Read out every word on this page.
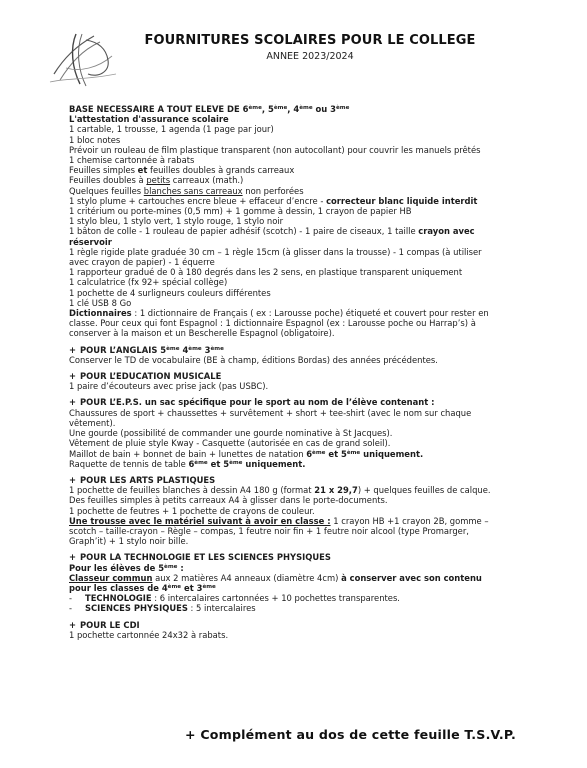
FOURNITURES SCOLAIRES POUR LE COLLEGE
ANNEE 2023/2024
BASE NECESSAIRE A TOUT ELEVE DE 6ème, 5ème, 4ème ou 3ème
L'attestation d'assurance scolaire
1 cartable, 1 trousse, 1 agenda (1 page par jour)
1 bloc notes
Prévoir un rouleau de film plastique transparent (non autocollant) pour couvrir les manuels prêtés
1 chemise cartonnée à rabats
Feuilles simples et feuilles doubles à grands carreaux
Feuilles doubles à petits carreaux (math.)
Quelques feuilles blanches sans carreaux non perforées
1 stylo plume + cartouches encre bleue + effaceur d’encre - correcteur blanc liquide interdit
1 critérium ou porte-mines (0,5 mm) + 1 gomme à dessin, 1 crayon de papier HB
1 stylo bleu, 1 stylo vert, 1 stylo rouge, 1 stylo noir
1 bâton de colle - 1 rouleau de papier adhésif (scotch) - 1 paire de ciseaux, 1 taille crayon avec
réservoir
1 règle rigide plate graduée 30 cm – 1 règle 15cm (à glisser dans la trousse) - 1 compas (à utiliser
avec crayon de papier) - 1 équerre
1 rapporteur gradué de 0 à 180 degrés dans les 2 sens, en plastique transparent uniquement
1 calculatrice (fx 92+ spécial collège)
1 pochette de 4 surligneurs couleurs différentes
1 clé USB 8 Go
Dictionnaires : 1 dictionnaire de Français ( ex : Larousse poche) étiqueté et couvert pour rester en
classe. Pour ceux qui font Espagnol : 1 dictionnaire Espagnol (ex : Larousse poche ou Harrap’s) à
conserver à la maison et un Bescherelle Espagnol (obligatoire).
+ POUR L’ANGLAIS 5ème 4ème 3ème
Conserver le TD de vocabulaire (BE à champ, éditions Bordas) des années précédentes.
+ POUR L’EDUCATION MUSICALE
1 paire d’écouteurs avec prise jack (pas USBC).
+ POUR L’E.P.S. un sac spécifique pour le sport au nom de l’élève contenant :
Chaussures de sport + chaussettes + survêtement + short + tee-shirt (avec le nom sur chaque
vêtement).
Une gourde (possibilité de commander une gourde nominative à St Jacques).
Vêtement de pluie style Kway - Casquette (autorisée en cas de grand soleil).
Maillot de bain + bonnet de bain + lunettes de natation 6ème et 5ème uniquement.
Raquette de tennis de table 6ème et 5ème uniquement.
+ POUR LES ARTS PLASTIQUES
1 pochette de feuilles blanches à dessin A4 180 g (format 21 x 29,7) + quelques feuilles de calque.
Des feuilles simples à petits carreaux A4 à glisser dans le porte-documents.
1 pochette de feutres + 1 pochette de crayons de couleur.
Une trousse avec le matériel suivant à avoir en classe : 1 crayon HB +1 crayon 2B, gomme –
scotch – taille-crayon – Règle – compas, 1 feutre noir fin + 1 feutre noir alcool (type Promarger,
Graph’it) + 1 stylo noir bille.
+ POUR LA TECHNOLOGIE ET LES SCIENCES PHYSIQUES
Pour les élèves de 5ème :
Classeur commun aux 2 matières A4 anneaux (diamètre 4cm) à conserver avec son contenu
pour les classes de 4ème et 3ème
- TECHNOLOGIE : 6 intercalaires cartonnées + 10 pochettes transparentes.
- SCIENCES PHYSIQUES : 5 intercalaires
+ POUR LE CDI
1 pochette cartonnée 24x32 à rabats.
+ Complément au dos de cette feuille T.S.V.P.
